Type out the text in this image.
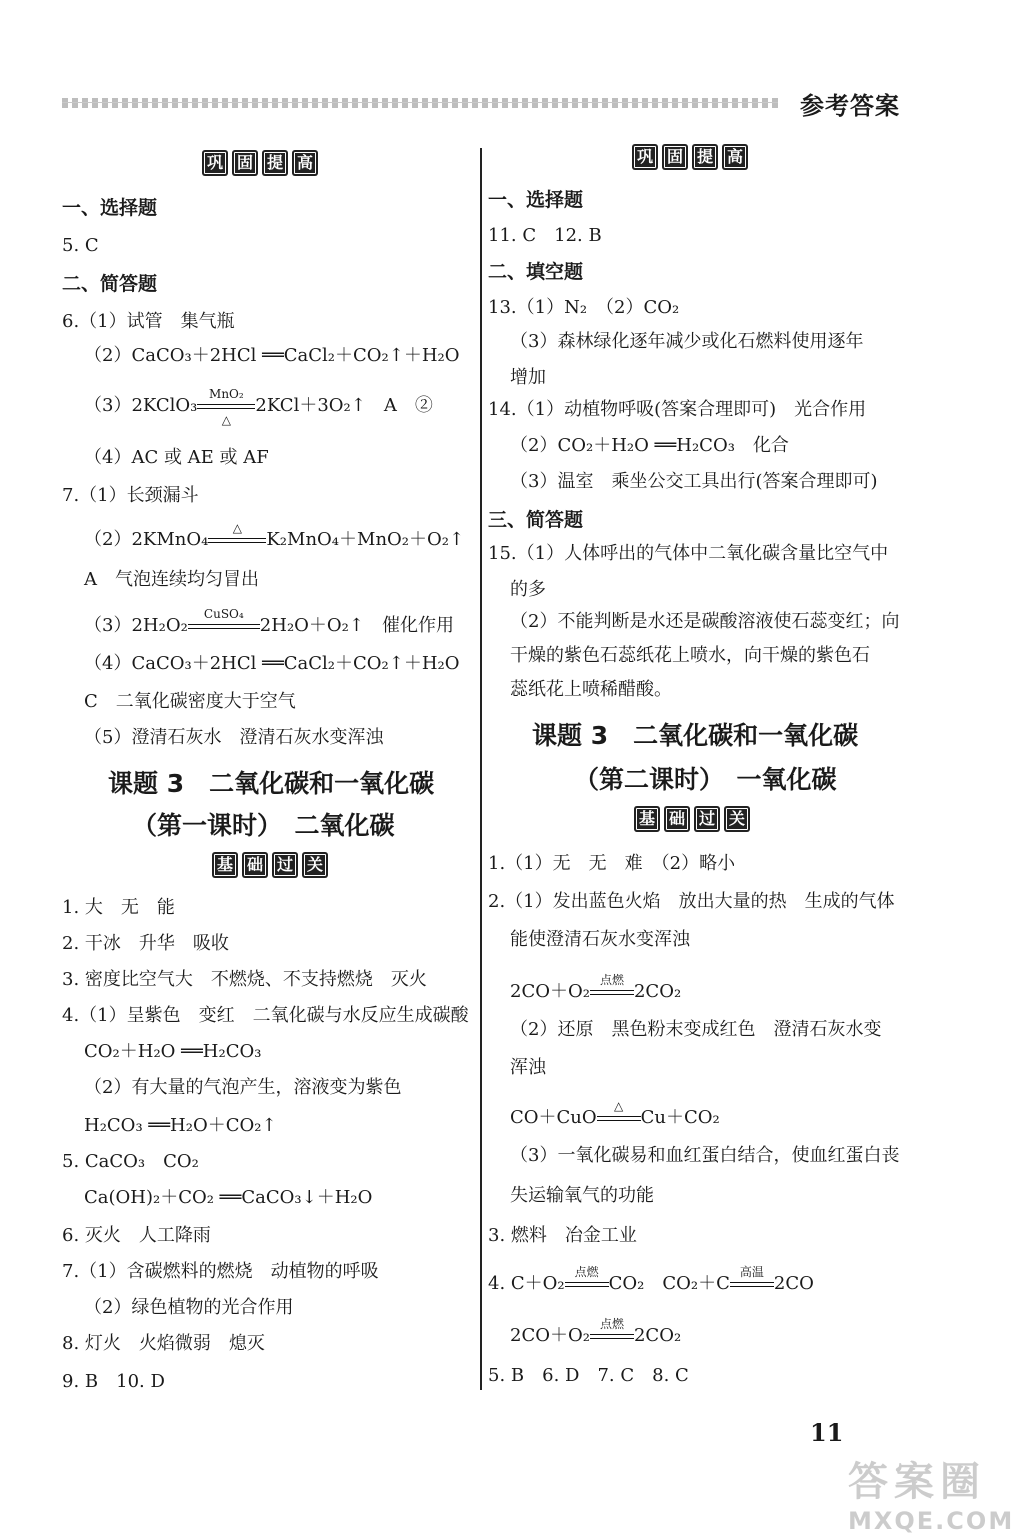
参考答案
巩 固 提 高
一、选择题
5. C
二、简答题
6.（1）试管　集气瓶
（2）CaCO₃＋2HCl ══CaCl₂＋CO₂↑＋H₂O
（3）2KClO₃
MnO₂
△
2KCl＋3O₂↑　A　②
（4）AC 或 AE 或 AF
7.（1）长颈漏斗
（2）2KMnO₄
△
K₂MnO₄＋MnO₂＋O₂↑
A　气泡连续均匀冒出
（3）2H₂O₂
CuSO₄
2H₂O＋O₂↑　催化作用
（4）CaCO₃＋2HCl ══CaCl₂＋CO₂↑＋H₂O
C　二氧化碳密度大于空气
（5）澄清石灰水　澄清石灰水变浑浊
课题 3　二氧化碳和一氧化碳
（第一课时）　二氧化碳
基 础 过 关
1. 大　无　能
2. 干冰　升华　吸收
3. 密度比空气大　不燃烧、不支持燃烧　灭火
4.（1）呈紫色　变红　二氧化碳与水反应生成碳酸
CO₂＋H₂O ══H₂CO₃
（2）有大量的气泡产生，溶液变为紫色
H₂CO₃ ══H₂O＋CO₂↑
5. CaCO₃　CO₂
Ca(OH)₂＋CO₂ ══CaCO₃↓＋H₂O
6. 灭火　人工降雨
7.（1）含碳燃料的燃烧　动植物的呼吸
（2）绿色植物的光合作用
8. 灯火　火焰微弱　熄灭
9. B　10. D
巩 固 提 高
一、选择题
11. C　12. B
二、填空题
13.（1）N₂　（2）CO₂
（3）森林绿化逐年减少或化石燃料使用逐年
增加
14.（1）动植物呼吸(答案合理即可)　光合作用
（2）CO₂＋H₂O ══H₂CO₃　化合
（3）温室　乘坐公交工具出行(答案合理即可)
三、简答题
15.（1）人体呼出的气体中二氧化碳含量比空气中
的多
（2）不能判断是水还是碳酸溶液使石蕊变红；向
干燥的紫色石蕊纸花上喷水，向干燥的紫色石
蕊纸花上喷稀醋酸。
课题 3　二氧化碳和一氧化碳
（第二课时）　一氧化碳
基 础 过 关
1.（1）无　无　难　（2）略小
2.（1）发出蓝色火焰　放出大量的热　生成的气体
能使澄清石灰水变浑浊
2CO＋O₂
点燃
2CO₂
（2）还原　黑色粉末变成红色　澄清石灰水变
浑浊
CO＋CuO
△
Cu＋CO₂
（3）一氧化碳易和血红蛋白结合，使血红蛋白丧
失运输氧气的功能
3. 燃料　冶金工业
4. C＋O₂
点燃
CO₂　CO₂＋C
高温
2CO
2CO＋O₂
点燃
2CO₂
5. B　6. D　7. C　8. C
11
答案圈
MXQE.COM
